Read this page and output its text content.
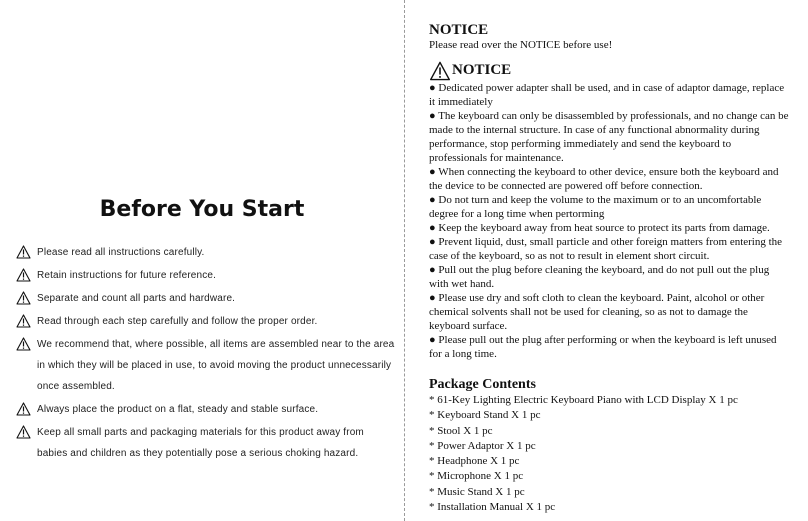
Before You Start
Please read all instructions carefully.
Retain instructions for future reference.
Separate and count all parts and hardware.
Read through each step carefully and follow the proper order.
We recommend that, where possible, all items are assembled near to the area in which they will be placed in use, to avoid moving the product unnecessarily once assembled.
Always place the product on a flat, steady and stable surface.
Keep all small parts and packaging materials for this product away from babies and children as they potentially pose a serious choking hazard.
NOTICE
Please read over the NOTICE before use!
NOTICE

● Dedicated power adapter shall be used, and in case of adaptor damage, replace it immediately

● The keyboard can only be disassembled by professionals, and no change can be made to the internal structure. In case of any functional abnormality during performance, stop performing immediately and send the keyboard to professionals for maintenance.

● When connecting the keyboard to other device, ensure both the keyboard and the device to be connected are powered off before connection.

● Do not turn and keep the volume to the maximum or to an uncomfortable degree for a long time when pertorming

● Keep the keyboard away from heat source to protect its parts from damage.

● Prevent liquid, dust, small particle and other foreign matters from entering the case of the keyboard, so as not to result in element short circuit.

● Pull out the plug before cleaning the keyboard, and do not pull out the plug with wet hand.

● Please use dry and soft cloth to clean the keyboard. Paint, alcohol or other chemical solvents shall not be used for cleaning, so as not to damage the keyboard surface.

● Please pull out the plug after performing or when the keyboard is left unused for a long time.

Package Contents

* 61-Key Lighting Electric Keyboard Piano with LCD Display X 1 pc

* Keyboard Stand X 1 pc

* Stool X 1 pc

* Power Adaptor X 1 pc

* Headphone X 1 pc

* Microphone X 1 pc

* Music Stand X 1 pc

* Installation Manual X 1 pc
